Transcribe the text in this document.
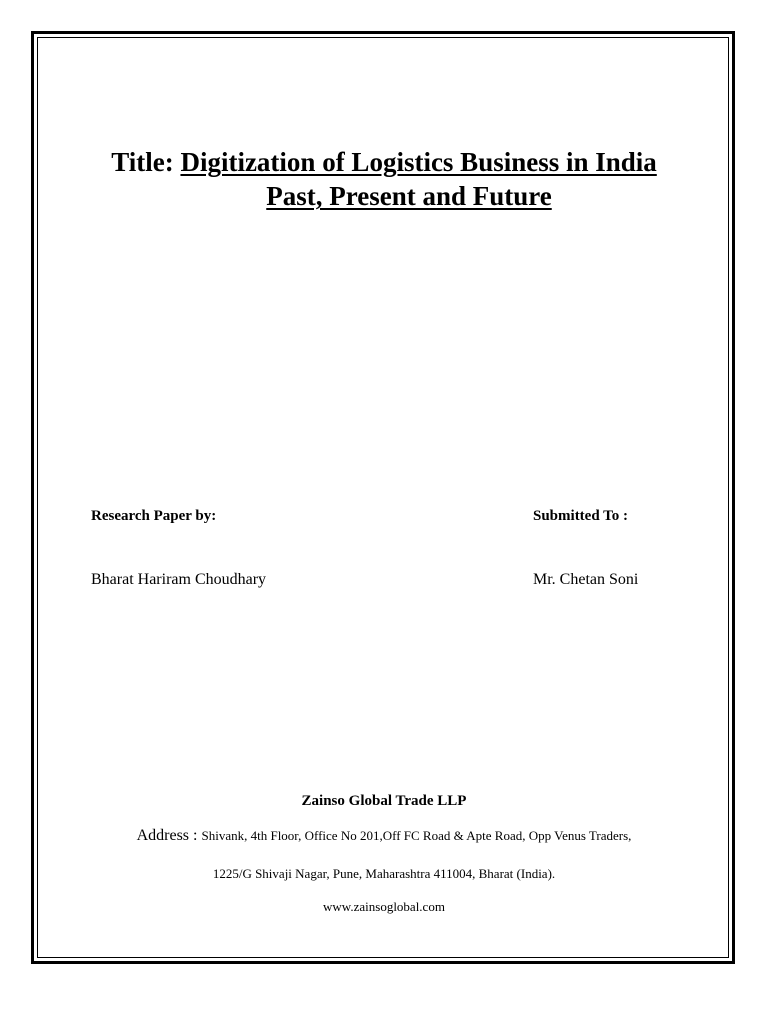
Title: Digitization of Logistics Business in India
Past, Present and Future
Research Paper by:	Submitted To :
Bharat Hariram Choudhary	Mr. Chetan Soni
Zainso Global Trade LLP
Address : Shivank, 4th Floor, Office No 201,Off FC Road & Apte Road, Opp Venus Traders,
1225/G Shivaji Nagar, Pune, Maharashtra 411004, Bharat (India).
www.zainsoglobal.com
